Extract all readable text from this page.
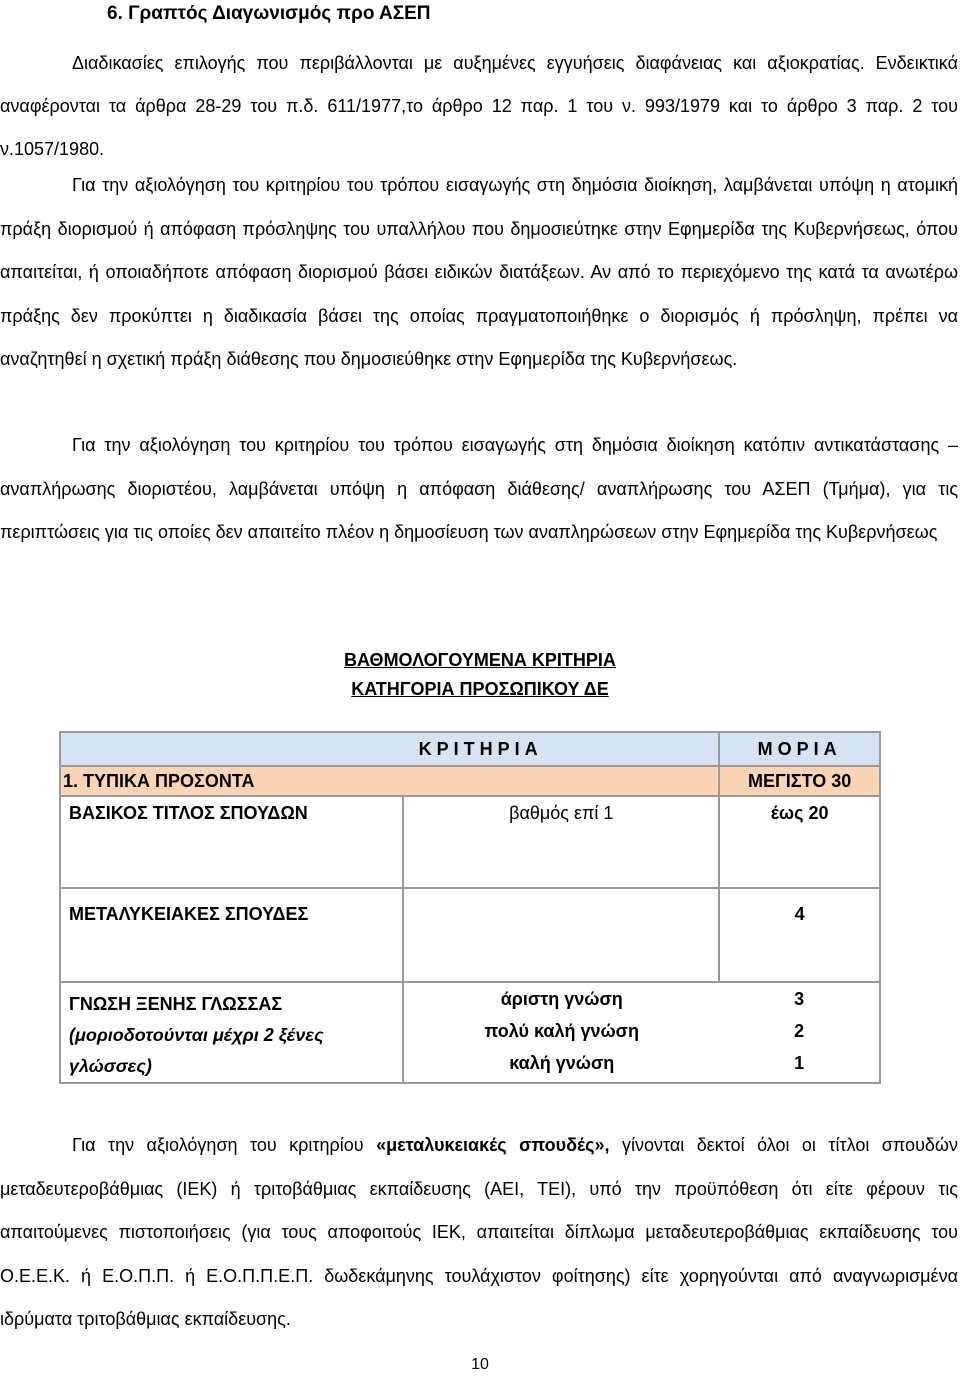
6. Γραπτός Διαγωνισμός προ ΑΣΕΠ

Διαδικασίες επιλογής που περιβάλλονται με αυξημένες εγγυήσεις διαφάνειας και αξιοκρατίας. Ενδεικτικά αναφέρονται τα άρθρα 28-29 του π.δ. 611/1977,το άρθρο 12 παρ. 1 του ν. 993/1979 και το άρθρο 3 παρ. 2 του ν.1057/1980.

Για την αξιολόγηση του κριτηρίου του τρόπου εισαγωγής στη δημόσια διοίκηση, λαμβάνεται υπόψη η ατομική πράξη διορισμού ή απόφαση πρόσληψης του υπαλλήλου που δημοσιεύτηκε στην Εφημερίδα της Κυβερνήσεως, όπου απαιτείται, ή οποιαδήποτε απόφαση διορισμού βάσει ειδικών διατάξεων. Αν από το περιεχόμενο της κατά τα ανωτέρω πράξης δεν προκύπτει η διαδικασία βάσει της οποίας πραγματοποιήθηκε ο διορισμός ή πρόσληψη, πρέπει να αναζητηθεί η σχετική πράξη διάθεσης που δημοσιεύθηκε στην Εφημερίδα της Κυβερνήσεως.

Για την αξιολόγηση του κριτηρίου του τρόπου εισαγωγής στη δημόσια διοίκηση κατόπιν αντικατάστασης – αναπλήρωσης διοριστέου, λαμβάνεται υπόψη η απόφαση διάθεσης/ αναπλήρωσης του ΑΣΕΠ (Τμήμα), για τις περιπτώσεις για τις οποίες δεν απαιτείτο πλέον η δημοσίευση των αναπληρώσεων στην Εφημερίδα της Κυβερνήσεως

ΒΑΘΜΟΛΟΓΟΥΜΕΝΑ ΚΡΙΤΗΡΙΑ
ΚΑΤΗΓΟΡΙΑ ΠΡΟΣΩΠΙΚΟΥ ΔΕ
ΚΡΙΤΗΡΙΑ	ΜΟΡΙΑ
1. ΤΥΠΙΚΑ ΠΡΟΣΟΝΤΑ	ΜΕΓΙΣΤΟ 30
ΒΑΣΙΚΟΣ ΤΙΤΛΟΣ ΣΠΟΥΔΩΝ	βαθμός επί 1	έως 20
ΜΕΤΑΛΥΚΕΙΑΚΕΣ ΣΠΟΥΔΕΣ		4

ΓΝΩΣΗ ΞΕΝΗΣ ΓΛΩΣΣΑΣ
(μοριοδοτούνται μέχρι 2 ξένες γλώσσες)

άριστη γνώση	3
πολύ καλή γνώση	2
καλή γνώση	1

Για την αξιολόγηση του κριτηρίου «μεταλυκειακές σπουδές», γίνονται δεκτοί όλοι οι τίτλοι σπουδών μεταδευτεροβάθμιας (ΙΕΚ) ή τριτοβάθμιας εκπαίδευσης (ΑΕΙ, ΤΕΙ), υπό την προϋπόθεση ότι είτε φέρουν τις απαιτούμενες πιστοποιήσεις (για τους αποφοιτούς ΙΕΚ, απαιτείται δίπλωμα μεταδευτεροβάθμιας εκπαίδευσης του Ο.Ε.Ε.Κ. ή Ε.Ο.Π.Π. ή Ε.Ο.Π.Π.Ε.Π. δωδεκάμηνης τουλάχιστον φοίτησης) είτε χορηγούνται από αναγνωρισμένα ιδρύματα τριτοβάθμιας εκπαίδευσης.

10
